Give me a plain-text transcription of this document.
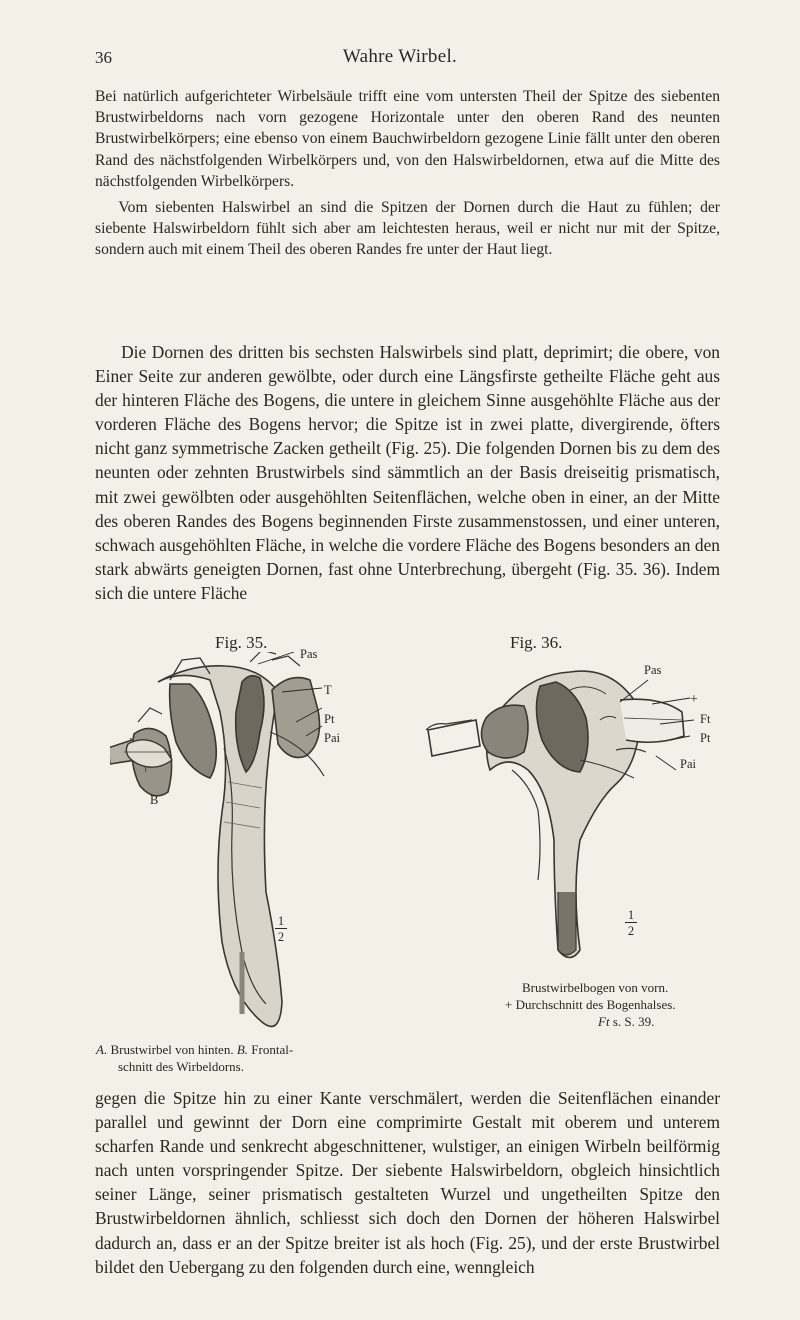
36	Wahre Wirbel.

Bei natürlich aufgerichteter Wirbelsäule trifft eine vom untersten Theil der Spitze des siebenten Brustwirbeldorns nach vorn gezogene Horizontale unter den oberen Rand des neunten Brustwirbelkörpers; eine ebenso von einem Bauchwirbeldorn gezogene Linie fällt unter den oberen Rand des nächstfolgenden Wirbelkörpers und, von den Halswirbeldornen, etwa auf die Mitte des nächstfolgenden Wirbelkörpers.

Vom siebenten Halswirbel an sind die Spitzen der Dornen durch die Haut zu fühlen; der siebente Halswirbeldorn fühlt sich aber am leichtesten heraus, weil er nicht nur mit der Spitze, sondern auch mit einem Theil des oberen Randes fre unter der Haut liegt.

Die Dornen des dritten bis sechsten Halswirbels sind platt, deprimirt; die obere, von Einer Seite zur anderen gewölbte, oder durch eine Längsfirste getheilte Fläche geht aus der hinteren Fläche des Bogens, die untere in gleichem Sinne ausgehöhlte Fläche aus der vorderen Fläche des Bogens hervor; die Spitze ist in zwei platte, divergirende, öfters nicht ganz symmetrische Zacken getheilt (Fig. 25). Die folgenden Dornen bis zu dem des neunten oder zehnten Brustwirbels sind sämmtlich an der Basis dreiseitig prismatisch, mit zwei gewölbten oder ausgehöhlten Seitenflächen, welche oben in einer, an der Mitte des oberen Randes des Bogens beginnenden Firste zusammenstossen, und einer unteren, schwach ausgehöhlten Fläche, in welche die vordere Fläche des Bogens besonders an den stark abwärts geneigten Dornen, fast ohne Unterbrechung, übergeht (Fig. 35. 36). Indem sich die untere Fläche

Fig. 35.
Pas
T
Pt
Pai
B
1
2
A. Brustwirbel von hinten. B. Frontal-
schnitt des Wirbeldorns.
Fig. 36.
Pas
+
Ft
Pt
Pai
1
2
Brustwirbelbogen von vorn.
+ Durchschnitt des Bogenhalses.
Ft s. S. 39.

gegen die Spitze hin zu einer Kante verschmälert, werden die Seitenflächen einander parallel und gewinnt der Dorn eine comprimirte Gestalt mit oberem und unterem scharfen Rande und senkrecht abgeschnittener, wulstiger, an einigen Wirbeln beilförmig nach unten vorspringender Spitze. Der siebente Halswirbeldorn, obgleich hinsichtlich seiner Länge, seiner prismatisch gestalteten Wurzel und ungetheilten Spitze den Brustwirbeldornen ähnlich, schliesst sich doch den Dornen der höheren Halswirbel dadurch an, dass er an der Spitze breiter ist als hoch (Fig. 25), und der erste Brustwirbel bildet den Uebergang zu den folgenden durch eine, wenngleich
